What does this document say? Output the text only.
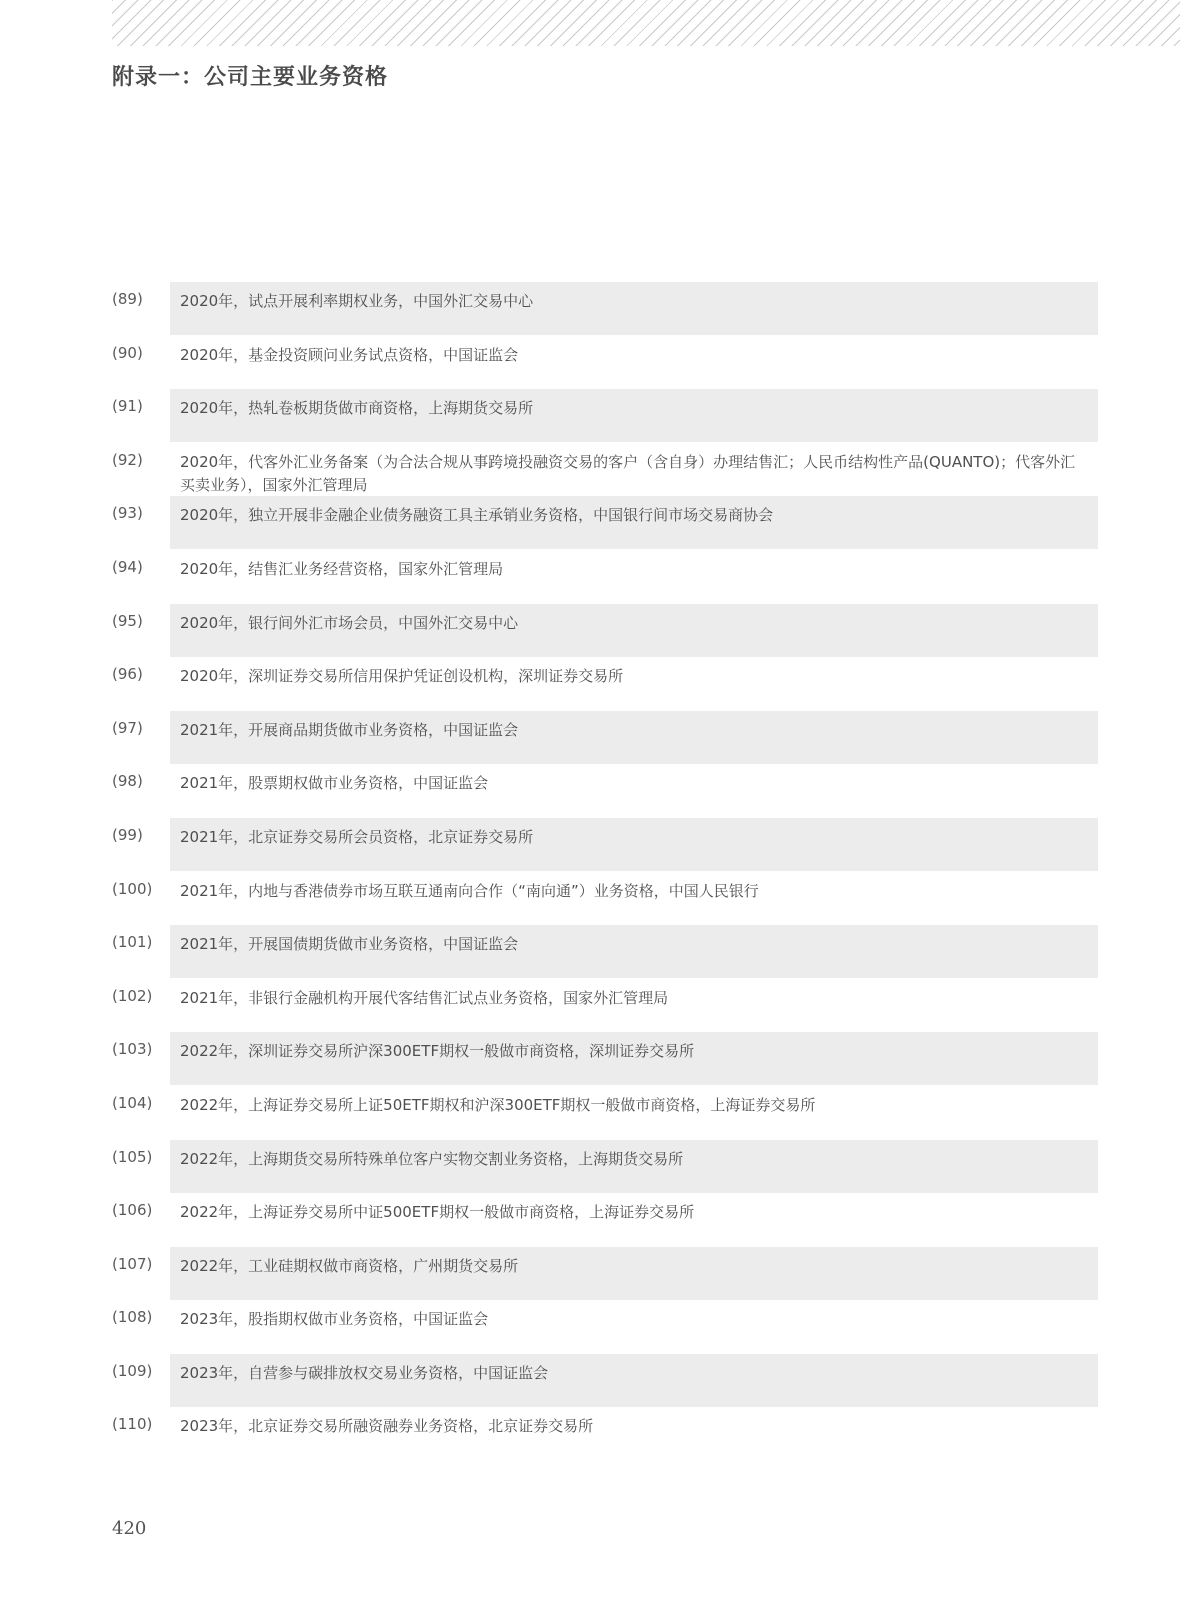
附录一：公司主要业务资格
(89)	2020年，试点开展利率期权业务，中国外汇交易中心
(90)	2020年，基金投资顾问业务试点资格，中国证监会
(91)	2020年，热轧卷板期货做市商资格，上海期货交易所
(92)	2020年，代客外汇业务备案（为合法合规从事跨境投融资交易的客户（含自身）办理结售汇；人民币结构性产品(QUANTO)；代客外汇买卖业务），国家外汇管理局
(93)	2020年，独立开展非金融企业债务融资工具主承销业务资格，中国银行间市场交易商协会
(94)	2020年，结售汇业务经营资格，国家外汇管理局
(95)	2020年，银行间外汇市场会员，中国外汇交易中心
(96)	2020年，深圳证券交易所信用保护凭证创设机构，深圳证券交易所
(97)	2021年，开展商品期货做市业务资格，中国证监会
(98)	2021年，股票期权做市业务资格，中国证监会
(99)	2021年，北京证券交易所会员资格，北京证券交易所
(100)	2021年，内地与香港债券市场互联互通南向合作（“南向通”）业务资格，中国人民银行
(101)	2021年，开展国债期货做市业务资格，中国证监会
(102)	2021年，非银行金融机构开展代客结售汇试点业务资格，国家外汇管理局
(103)	2022年，深圳证券交易所沪深300ETF期权一般做市商资格，深圳证券交易所
(104)	2022年，上海证券交易所上证50ETF期权和沪深300ETF期权一般做市商资格，上海证券交易所
(105)	2022年，上海期货交易所特殊单位客户实物交割业务资格，上海期货交易所
(106)	2022年，上海证券交易所中证500ETF期权一般做市商资格，上海证券交易所
(107)	2022年，工业硅期权做市商资格，广州期货交易所
(108)	2023年，股指期权做市业务资格，中国证监会
(109)	2023年，自营参与碳排放权交易业务资格，中国证监会
(110)	2023年，北京证券交易所融资融券业务资格，北京证券交易所
420
